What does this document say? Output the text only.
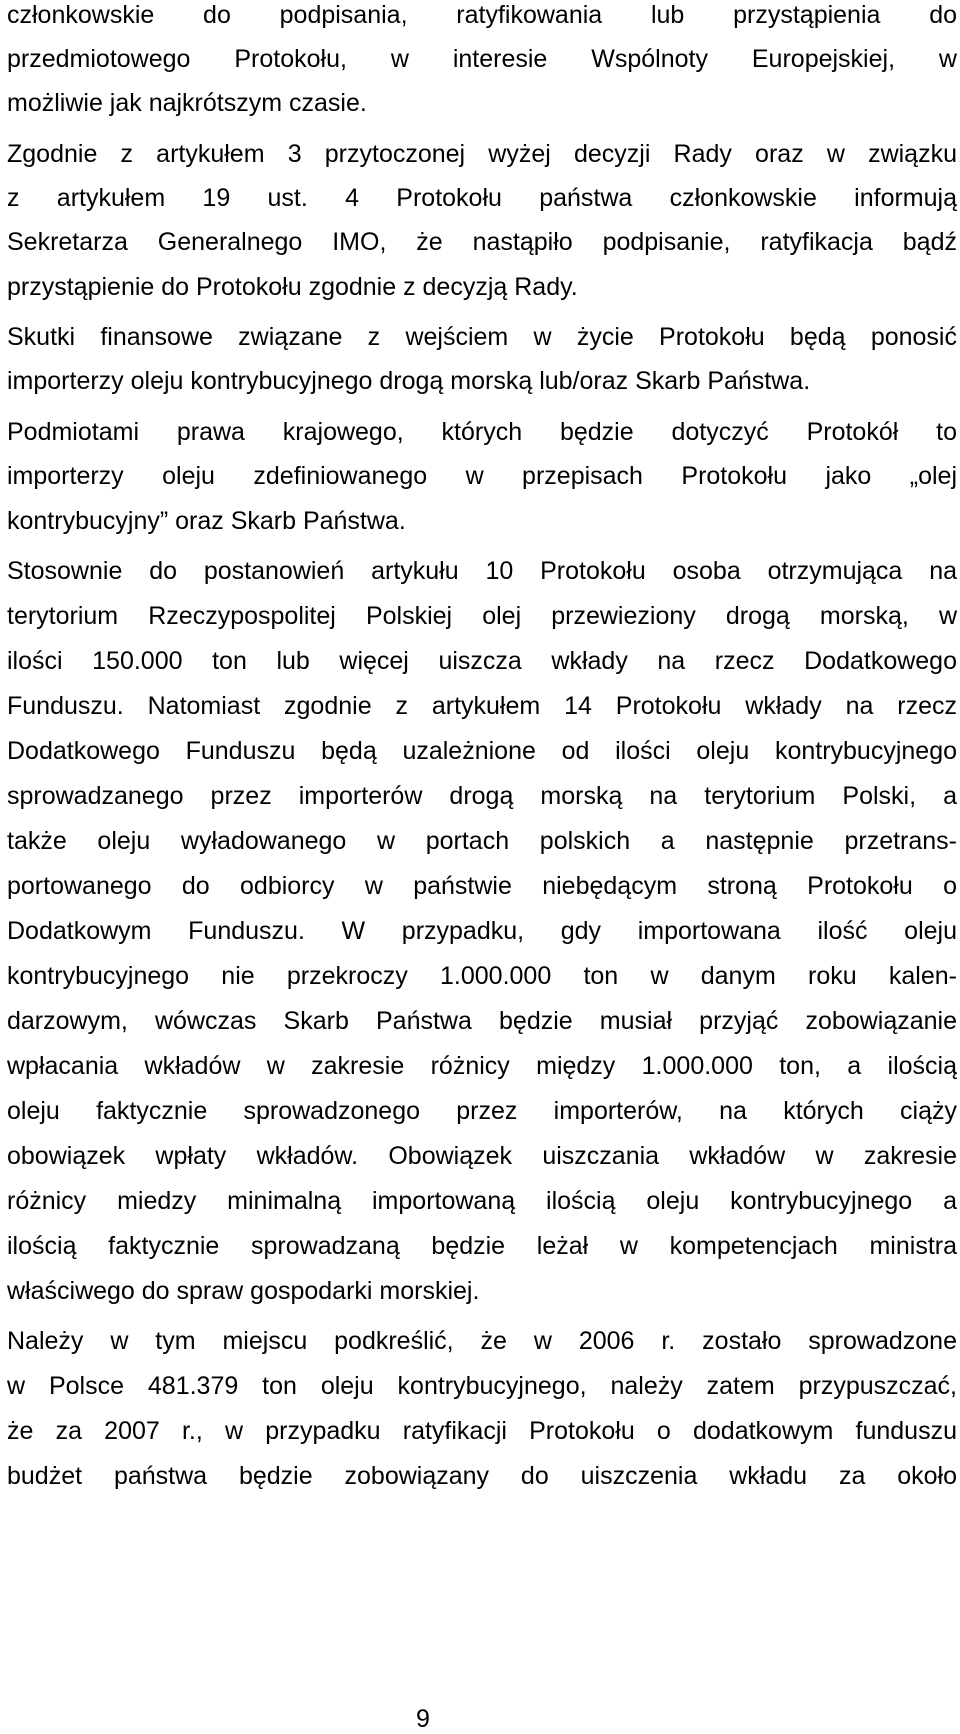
członkowskie do podpisania, ratyfikowania lub przystąpienia do
przedmiotowego Protokołu, w interesie Wspólnoty Europejskiej, w
możliwie jak najkrótszym czasie.
Zgodnie z artykułem 3 przytoczonej wyżej decyzji Rady oraz w związku
z artykułem 19 ust. 4 Protokołu państwa członkowskie informują
Sekretarza Generalnego IMO, że nastąpiło podpisanie, ratyfikacja bądź
przystąpienie do Protokołu zgodnie z decyzją Rady.
Skutki finansowe związane z wejściem w życie Protokołu będą ponosić
importerzy oleju kontrybucyjnego drogą morską lub/oraz Skarb Państwa.
Podmiotami prawa krajowego, których będzie dotyczyć Protokół to
importerzy oleju zdefiniowanego w przepisach Protokołu jako „olej
kontrybucyjny” oraz Skarb Państwa.
Stosownie do postanowień artykułu 10 Protokołu osoba otrzymująca na
terytorium Rzeczypospolitej Polskiej olej przewieziony drogą morską, w
ilości 150.000 ton lub więcej uiszcza wkłady na rzecz Dodatkowego
Funduszu. Natomiast zgodnie z artykułem 14 Protokołu wkłady na rzecz
Dodatkowego Funduszu będą uzależnione od ilości oleju kontrybucyjnego
sprowadzanego przez importerów drogą morską na terytorium Polski, a
także oleju wyładowanego w portach polskich a następnie przetrans-
portowanego do odbiorcy w państwie niebędącym stroną Protokołu o
Dodatkowym Funduszu. W przypadku, gdy importowana ilość oleju
kontrybucyjnego nie przekroczy 1.000.000 ton w danym roku kalen-
darzowym, wówczas Skarb Państwa będzie musiał przyjąć zobowiązanie
wpłacania wkładów w zakresie różnicy między 1.000.000 ton, a ilością
oleju faktycznie sprowadzonego przez importerów, na których ciąży
obowiązek wpłaty wkładów. Obowiązek uiszczania wkładów w zakresie
różnicy miedzy minimalną importowaną ilością oleju kontrybucyjnego a
ilością faktycznie sprowadzaną będzie leżał w kompetencjach ministra
właściwego do spraw gospodarki morskiej.
Należy w tym miejscu podkreślić, że w 2006 r. zostało sprowadzone
w Polsce 481.379 ton oleju kontrybucyjnego, należy zatem przypuszczać,
że za 2007 r., w przypadku ratyfikacji Protokołu o dodatkowym funduszu
budżet państwa będzie zobowiązany do uiszczenia wkładu za około
9
